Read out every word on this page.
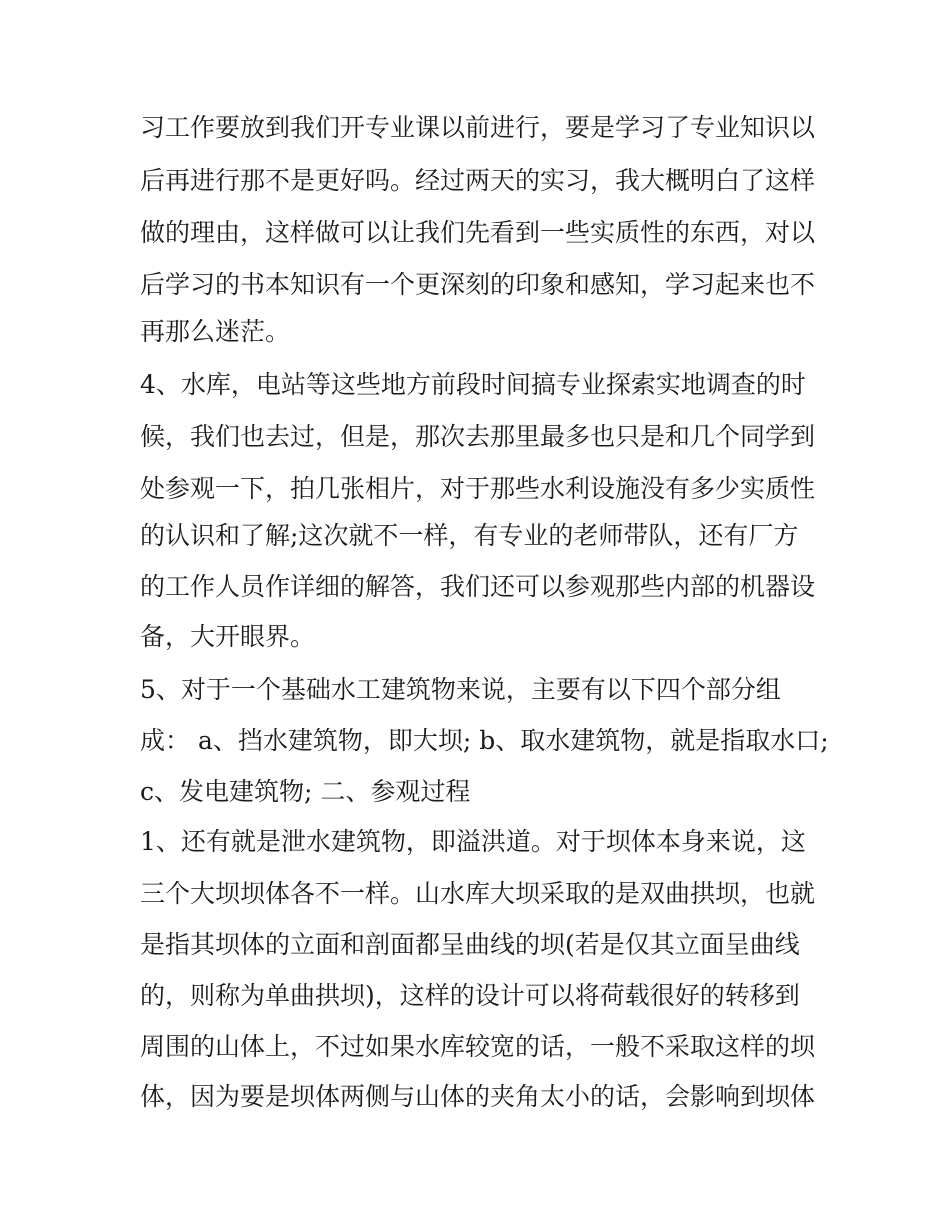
习工作要放到我们开专业课以前进行，要是学习了专业知识以
后再进行那不是更好吗。经过两天的实习，我大概明白了这样
做的理由，这样做可以让我们先看到一些实质性的东西，对以
后学习的书本知识有一个更深刻的印象和感知，学习起来也不
再那么迷茫。
4、水库，电站等这些地方前段时间搞专业探索实地调查的时
候，我们也去过，但是，那次去那里最多也只是和几个同学到
处参观一下，拍几张相片，对于那些水利设施没有多少实质性
的认识和了解;这次就不一样，有专业的老师带队，还有厂方
的工作人员作详细的解答，我们还可以参观那些内部的机器设
备，大开眼界。
5、对于一个基础水工建筑物来说，主要有以下四个部分组
成： a、挡水建筑物，即大坝; b、取水建筑物，就是指取水口;
c、发电建筑物; 二、参观过程
1、还有就是泄水建筑物，即溢洪道。对于坝体本身来说，这
三个大坝坝体各不一样。山水库大坝采取的是双曲拱坝，也就
是指其坝体的立面和剖面都呈曲线的坝(若是仅其立面呈曲线
的，则称为单曲拱坝)，这样的设计可以将荷载很好的转移到
周围的山体上，不过如果水库较宽的话，一般不采取这样的坝
体，因为要是坝体两侧与山体的夹角太小的话，会影响到坝体
